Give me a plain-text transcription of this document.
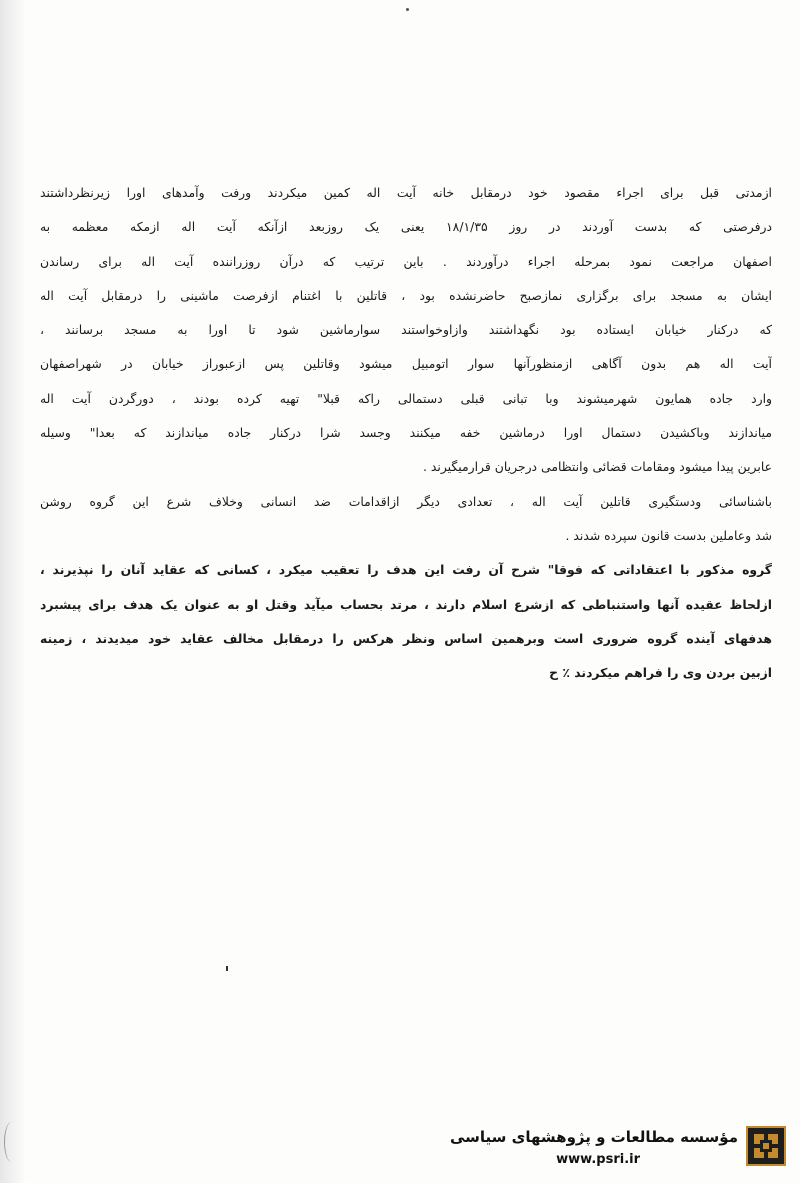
ازمدتی قبل برای اجراء مقصود خود درمقابل خانه آیت اله کمین میکردند ورفت وآمدهای اورا زیرنظرداشتند
درفرصتی که بدست آوردند در روز ۱۸/۱/۳۵ یعنی یک روزبعد ازآنکه آیت اله ازمکه معظمه به
اصفهان مراجعت نمود بمرحله اجراء درآوردند . باین ترتیب که درآن روزراننده آیت اله برای رساندن
ایشان به مسجد برای برگزاری نمازصبح حاضرنشده بود ، قاتلین با اغتنام ازفرصت ماشینی را درمقابل آیت اله
که درکنار خیابان ایستاده بود نگهداشتند وازاوخواستند سوارماشین شود تا اورا به مسجد برسانند ،
آیت اله هم بدون آگاهی ازمنظورآنها سوار اتومبیل میشود وقاتلین پس ازعبوراز خیابان در شهراصفهان
وارد جاده همایون شهرمیشوند وبا تبانی قبلی دستمالی راکه قبلا" تهیه کرده بودند ، دورگردن آیت اله
میاندازند وباکشیدن دستمال اورا درماشین خفه میکنند وجسد شرا درکنار جاده میاندازند که بعدا" وسیله
عابرین پیدا میشود ومقامات قضائی وانتظامی درجریان قرارمیگیرند .
باشناسائی ودستگیری قاتلین آیت اله ، تعدادی دیگر ازاقدامات ضد انسانی وخلاف شرع این گروه روشن
شد وعاملین بدست قانون سپرده شدند .
گروه مذکور با اعتقاداتی که فوقا" شرح آن رفت این هدف را تعقیب میکرد ، کسانی که عقاید آنان را نپذیرند ،
ازلحاظ عقیده آنها واستنباطی که ازشرع اسلام دارند ، مرتد بحساب میآید وقتل او به عنوان یک هدف برای پیشبرد
هدفهای آینده گروه ضروری است وبرهمین اساس ونظر هرکس را درمقابل مخالف عقاید خود میدیدند ، زمینه
ازبین بردن وی را فراهم میکردند ٪ ح
مؤسسه مطالعات و پژوهشهای سیاسی
www.psri.ir
